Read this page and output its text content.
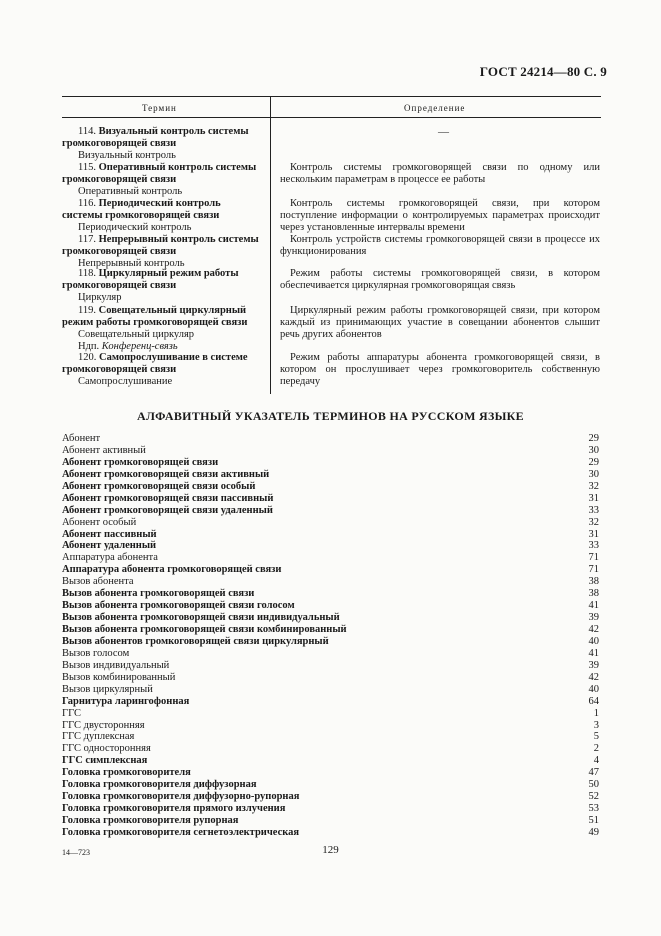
ГОСТ 24214—80 С. 9
Термин	Определение
114. Визуальный контроль системы громкоговорящей связи
Визуальный контроль
—
115. Оперативный контроль системы громкоговорящей связи
Оперативный контроль
Контроль системы громкоговорящей связи по одному или нескольким параметрам в процессе ее работы
116. Периодический контроль системы громкоговорящей связи
Периодический контроль
Контроль системы громкоговорящей связи, при котором поступление информации о контролируемых параметрах происходит через установленные интервалы времени
117. Непрерывный контроль системы громкоговорящей связи
Непрерывный контроль
Контроль устройств системы громкоговорящей связи в процессе их функционирования
118. Циркулярный режим работы громкоговорящей связи
Циркуляр
Режим работы системы громкоговорящей связи, в котором обеспечивается циркулярная громкоговорящая связь
119. Совещательный циркулярный режим работы громкоговорящей связи
Совещательный циркуляр
Ндп. Конференц-связь
Циркулярный режим работы громкоговорящей связи, при котором каждый из принимающих участие в совещании абонентов слышит речь других абонентов
120. Самопрослушивание в системе громкоговорящей связи
Самопрослушивание
Режим работы аппаратуры абонента громкоговорящей связи, в котором он прослушивает через громкоговоритель собственную передачу
АЛФАВИТНЫЙ УКАЗАТЕЛЬ ТЕРМИНОВ НА РУССКОМ ЯЗЫКЕ
Абонент	29
Абонент активный	30
Абонент громкоговорящей связи	29
Абонент громкоговорящей связи активный	30
Абонент громкоговорящей связи особый	32
Абонент громкоговорящей связи пассивный	31
Абонент громкоговорящей связи удаленный	33
Абонент особый	32
Абонент пассивный	31
Абонент удаленный	33
Аппаратура абонента	71
Аппаратура абонента громкоговорящей связи	71
Вызов абонента	38
Вызов абонента громкоговорящей связи	38
Вызов абонента громкоговорящей связи голосом	41
Вызов абонента громкоговорящей связи индивидуальный	39
Вызов абонента громкоговорящей связи комбинированный	42
Вызов абонентов громкоговорящей связи циркулярный	40
Вызов голосом	41
Вызов индивидуальный	39
Вызов комбинированный	42
Вызов циркулярный	40
Гарнитура ларингофонная	64
ГГС	1
ГГС двусторонняя	3
ГГС дуплексная	5
ГГС односторонняя	2
ГГС симплексная	4
Головка громкоговорителя	47
Головка громкоговорителя диффузорная	50
Головка громкоговорителя диффузорно-рупорная	52
Головка громкоговорителя прямого излучения	53
Головка громкоговорителя рупорная	51
Головка громкоговорителя сегнетоэлектрическая	49
14—723	129
